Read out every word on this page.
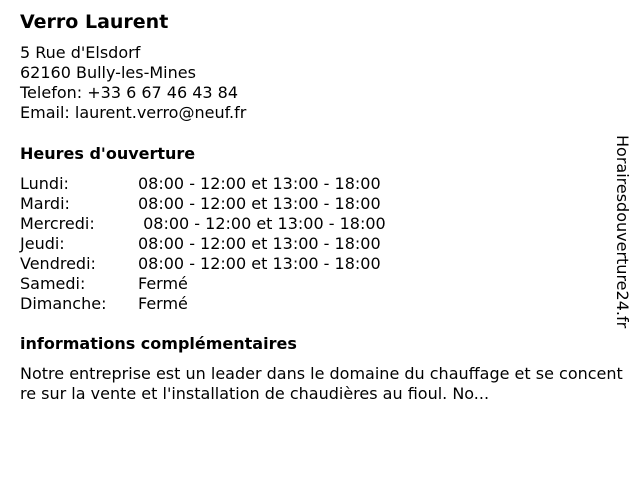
Verro Laurent
5 Rue d'Elsdorf
62160 Bully-les-Mines
Telefon: +33 6 67 46 43 84
Email: laurent.verro@neuf.fr
Heures d'ouverture
Lundi:	08:00 - 12:00 et 13:00 - 18:00
Mardi:	08:00 - 12:00 et 13:00 - 18:00
Mercredi:	08:00 - 12:00 et 13:00 - 18:00
Jeudi:	08:00 - 12:00 et 13:00 - 18:00
Vendredi:	08:00 - 12:00 et 13:00 - 18:00
Samedi:	Fermé
Dimanche:	Fermé
informations complémentaires
Notre entreprise est un leader dans le domaine du chauffage et se concentre sur la vente et l'installation de chaudières au fioul. No...
Horairesdouverture24.fr
